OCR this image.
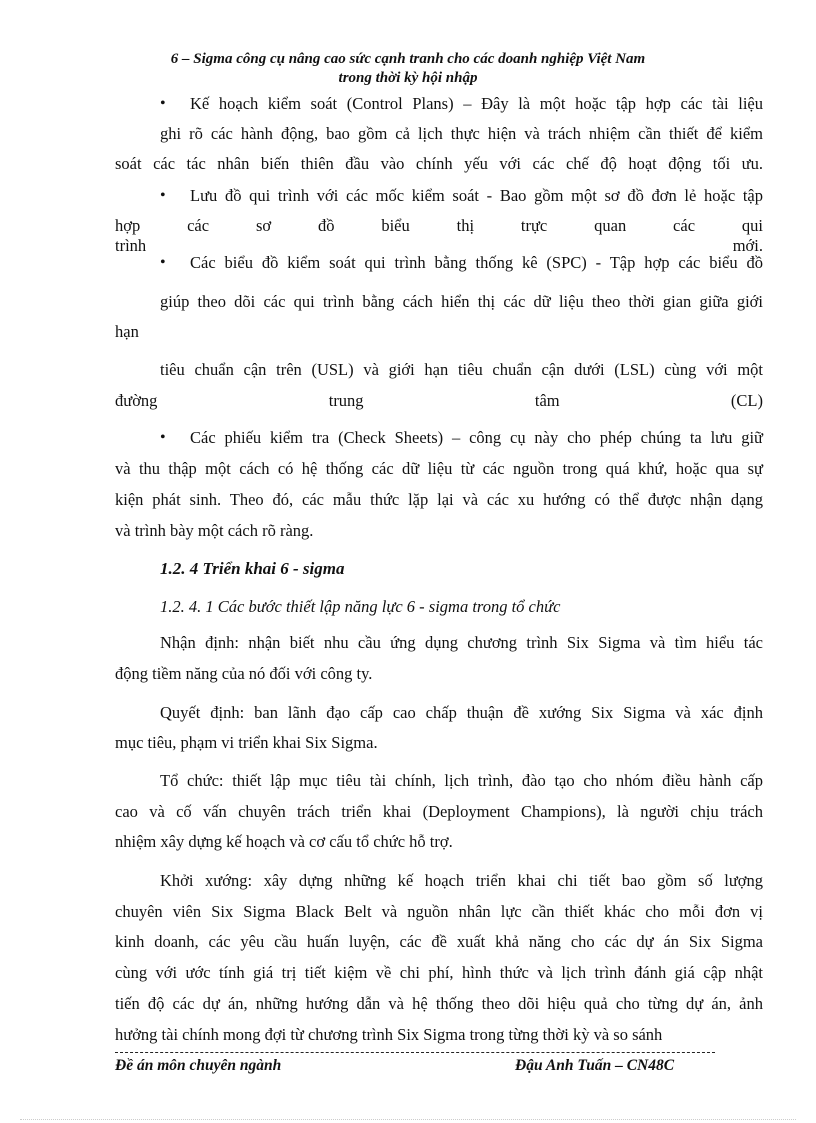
6 – Sigma công cụ nâng cao sức cạnh tranh cho các doanh nghiệp Việt Nam
trong thời kỳ hội nhập
• Kế hoạch kiểm soát (Control Plans) – Đây là một hoặc tập hợp các tài liệu
ghi rõ các hành động, bao gồm cả lịch thực hiện và trách nhiệm cần thiết để kiểm
soát các tác nhân biến thiên đầu vào chính yếu với các chế độ hoạt động tối ưu.
• Lưu đồ qui trình với các mốc kiểm soát - Bao gồm một sơ đồ đơn lẻ hoặc tập
hợp các sơ đồ biểu thị trực quan các qui trình mới.
• Các biểu đồ kiểm soát qui trình bằng thống kê (SPC) - Tập hợp các biểu đồ
giúp theo dõi các qui trình bằng cách hiển thị các dữ liệu theo thời gian giữa giới
hạn
tiêu chuẩn cận trên (USL) và giới hạn tiêu chuẩn cận dưới (LSL) cùng với một
đường trung tâm (CL)
• Các phiếu kiểm tra (Check Sheets) – công cụ này cho phép chúng ta lưu giữ
và thu thập một cách có hệ thống các dữ liệu từ các nguồn trong quá khứ, hoặc qua sự
kiện phát sinh. Theo đó, các mẫu thức lặp lại và các xu hướng có thể được nhận dạng
và trình bày một cách rõ ràng.
1.2. 4 Triển khai 6 - sigma
1.2. 4. 1 Các bước thiết lập năng lực 6 - sigma trong tổ chức
Nhận định: nhận biết nhu cầu ứng dụng chương trình Six Sigma và tìm hiểu tác
động tiềm năng của nó đối với công ty.
Quyết định: ban lãnh đạo cấp cao chấp thuận đề xướng Six Sigma và xác định
mục tiêu, phạm vi triển khai Six Sigma.
Tổ chức: thiết lập mục tiêu tài chính, lịch trình, đào tạo cho nhóm điều hành cấp
cao và cố vấn chuyên trách triển khai (Deployment Champions), là người chịu trách
nhiệm xây dựng kế hoạch và cơ cấu tổ chức hỗ trợ.
Khởi xướng: xây dựng những kế hoạch triển khai chi tiết bao gồm số lượng
chuyên viên Six Sigma Black Belt và nguồn nhân lực cần thiết khác cho mỗi đơn vị
kinh doanh, các yêu cầu huấn luyện, các đề xuất khả năng cho các dự án Six Sigma
cùng với ước tính giá trị tiết kiệm về chi phí, hình thức và lịch trình đánh giá cập nhật
tiến độ các dự án, những hướng dẫn và hệ thống theo dõi hiệu quả cho từng dự án, ảnh
hưởng tài chính mong đợi từ chương trình Six Sigma trong từng thời kỳ và so sánh
Đề án môn chuyên ngành	Đậu Anh Tuấn – CN48C
